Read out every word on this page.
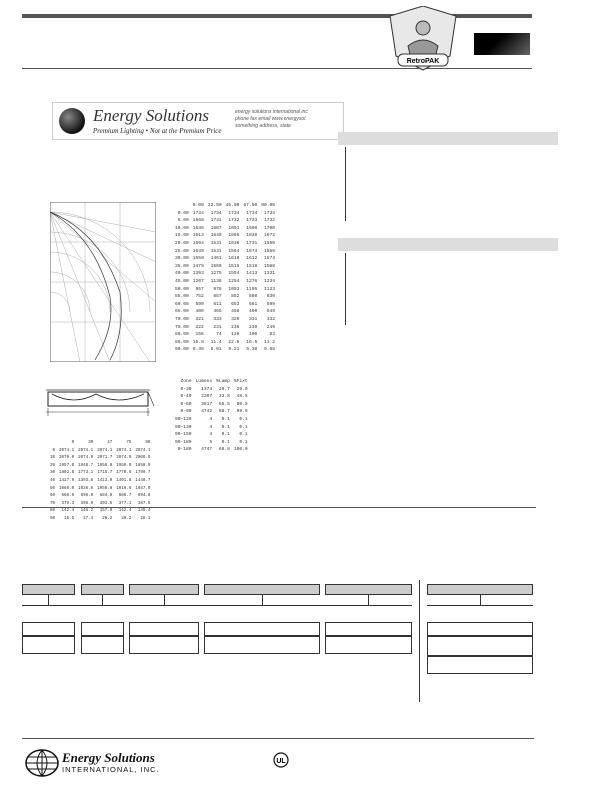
RetroPAK
Energy Solutions
Premium Lighting • Not at the Premium Price
energy solutions international inc
phone fax email www.energysol.
something address, state
	0.00	22.50	45.00	67.50	90.00
0.00	1734	1734	1734	1734	1734
5.00	1668	1731	1732	1733	1732
10.00	1636	1687	1691	1680	1700
15.00	1613	1649	1665	1638	1672
20.00	1594	1531	1638	1731	1550
25.00	1649	1531	1564	1574	1569
30.00	1550	1461	1610	1612	1574
35.00	1479	1569	1515	1518	1568
40.00	1393	1275	1554	1413	1331
45.00	1207	1136	1254	1276	1234
50.00	957	978	1053	1195	1133
55.00	752	857	852	880	930
60.00	590	611	653	661	599
65.00	400	465	458	490	549
70.00	321	333	329	331	332
75.00	222	231	236	239	249
80.00	156	74	128	100	83
85.00	16.8	11.4	22.6	16.5	11.2
90.00	9.36	9.01	9.21	9.38	9.08
Zone	Lumens	%Lamp	%Fixt
0-30	1374	20.7	29.0
0-40	2307	33.8	48.5
0-60	3817	55.5	80.5
0-90	4742	68.7	99.9
90-120	4	0.1	0.1
90-130	4	0.1	0.1
90-150	4	0.1	0.1
90-180	5	0.1	0.1
0-180	4747	68.8	100.0
	0	30	47	75	90
0	2074.1	2074.1	2074.1	2074.1	2074.1
10	2070.0	2074.0	2071.7	2074.0	2066.5
20	1957.0	1948.7	1958.8	1959.0	1858.9
30	1802.8	1773.1	1715.7	1770.6	1799.7
40	1427.9	1393.8	1413.0	1401.8	1448.7
50	1060.0	1036.9	1059.8	1019.6	1047.0
60	668.9	696.9	684.8	686.7	694.8
70	379.3	396.9	393.5	377.1	387.5
80	142.4	146.2	157.9	142.4	145.4
90	16.5	27.4	28.2	28.2	28.1
Energy Solutions
INTERNATIONAL, INC.
UL
